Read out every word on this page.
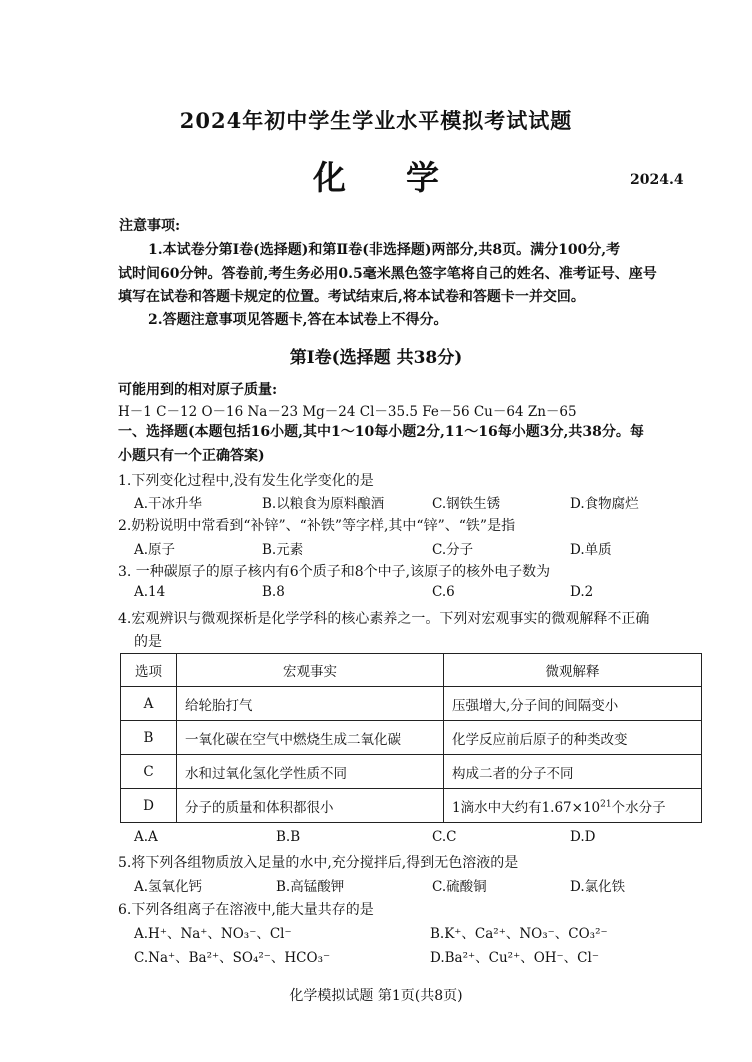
2024年初中学生学业水平模拟考试试题
化学	2024.4
注意事项:
1.本试卷分第Ⅰ卷(选择题)和第Ⅱ卷(非选择题)两部分,共8页。满分100分,考
试时间60分钟。答卷前,考生务必用0.5毫米黑色签字笔将自己的姓名、准考证号、座号
填写在试卷和答题卡规定的位置。考试结束后,将本试卷和答题卡一并交回。
2.答题注意事项见答题卡,答在本试卷上不得分。
第Ⅰ卷(选择题 共38分)
可能用到的相对原子质量:
H－1 C－12 O－16 Na－23 Mg－24 Cl－35.5 Fe－56 Cu－64 Zn－65
一、选择题(本题包括16小题,其中1～10每小题2分,11～16每小题3分,共38分。每
小题只有一个正确答案)
1.下列变化过程中,没有发生化学变化的是
A.干冰升华	B.以粮食为原料酿酒	C.钢铁生锈	D.食物腐烂
2.奶粉说明中常看到“补锌”、“补铁”等字样,其中“锌”、“铁”是指
A.原子	B.元素	C.分子	D.单质
3. 一种碳原子的原子核内有6个质子和8个中子,该原子的核外电子数为
A.14	B.8	C.6	D.2
4.宏观辨识与微观探析是化学学科的核心素养之一。下列对宏观事实的微观解释不正确
的是
选项	宏观事实	微观解释
A	给轮胎打气	压强增大,分子间的间隔变小
B	一氧化碳在空气中燃烧生成二氧化碳	化学反应前后原子的种类改变
C	水和过氧化氢化学性质不同	构成二者的分子不同
D	分子的质量和体积都很小	1滴水中大约有$1.67\times 10^{21}$个水分子
A.A	B.B	C.C	D.D
5.将下列各组物质放入足量的水中,充分搅拌后,得到无色溶液的是
A.氢氧化钙	B.高锰酸钾	C.硫酸铜	D.氯化铁
6.下列各组离子在溶液中,能大量共存的是
A.H⁺、Na⁺、NO₃⁻、Cl⁻	B.K⁺、Ca²⁺、NO₃⁻、CO₃²⁻
C.Na⁺、Ba²⁺、SO₄²⁻、HCO₃⁻	D.Ba²⁺、Cu²⁺、OH⁻、Cl⁻
化学模拟试题 第1页(共8页)
